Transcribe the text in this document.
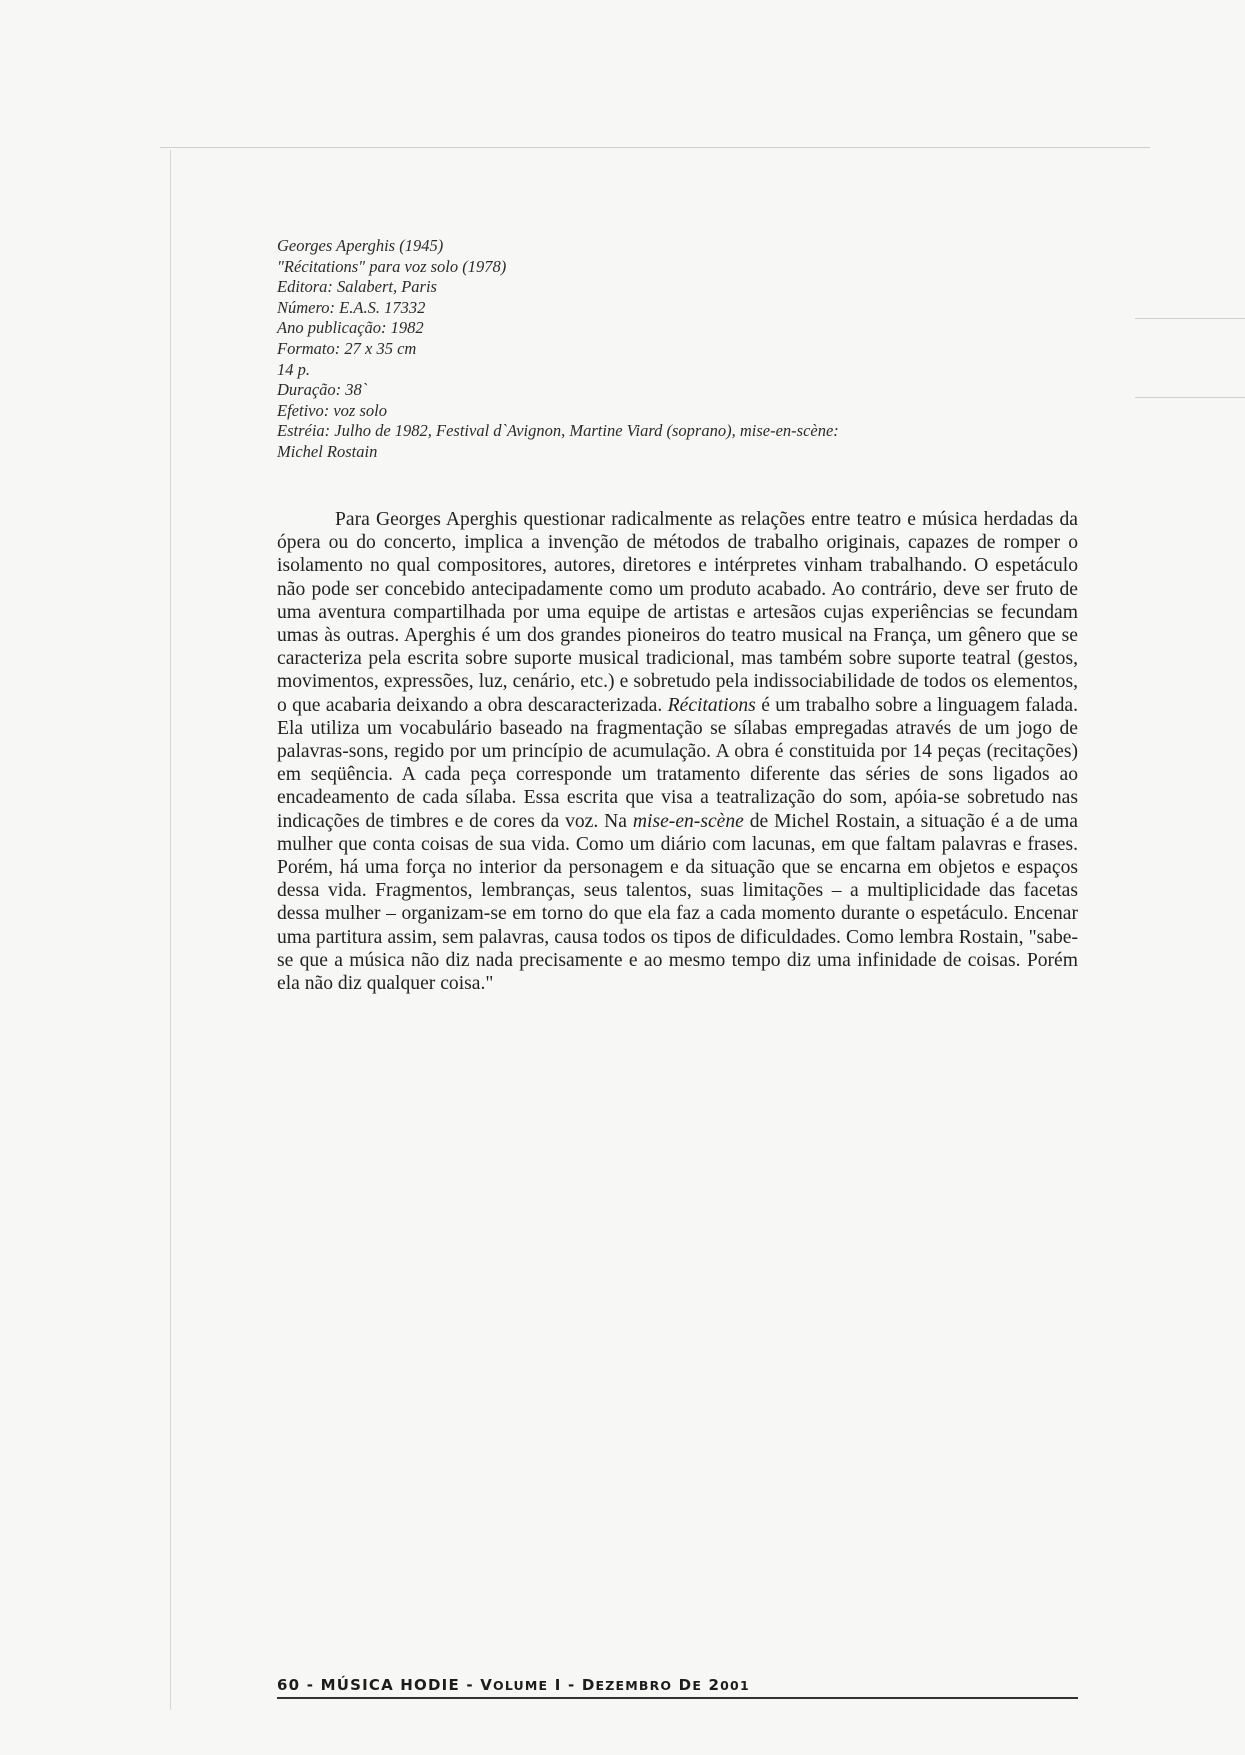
Georges Aperghis (1945)
"Récitations" para voz solo (1978)
Editora: Salabert, Paris
Número: E.A.S. 17332
Ano publicação: 1982
Formato: 27 x 35 cm
14 p.
Duração: 38`
Efetivo: voz solo
Estréia: Julho de 1982, Festival d`Avignon, Martine Viard (soprano), mise-en-scène:
Michel Rostain

Para Georges Aperghis questionar radicalmente as relações entre teatro e música herdadas da ópera ou do concerto, implica a invenção de métodos de trabalho originais, capazes de romper o isolamento no qual compositores, autores, diretores e intérpretes vinham trabalhando. O espetáculo não pode ser concebido antecipadamente como um produto acabado. Ao contrário, deve ser fruto de uma aventura compartilhada por uma equipe de artistas e artesãos cujas experiências se fecundam umas às outras. Aperghis é um dos grandes pioneiros do teatro musical na França, um gênero que se caracteriza pela escrita sobre suporte musical tradicional, mas também sobre suporte teatral (gestos, movimentos, expressões, luz, cenário, etc.) e sobretudo pela indissociabilidade de todos os elementos, o que acabaria deixando a obra descaracterizada. Récitations é um trabalho sobre a linguagem falada. Ela utiliza um vocabulário baseado na fragmentação se sílabas empregadas através de um jogo de palavras-sons, regido por um princípio de acumulação. A obra é constituida por 14 peças (recitações) em seqüência. A cada peça corresponde um tratamento diferente das séries de sons ligados ao encadeamento de cada sílaba. Essa escrita que visa a teatralização do som, apóia-se sobretudo nas indicações de timbres e de cores da voz. Na mise-en-scène de Michel Rostain, a situação é a de uma mulher que conta coisas de sua vida. Como um diário com lacunas, em que faltam palavras e frases. Porém, há uma força no interior da personagem e da situação que se encarna em objetos e espaços dessa vida. Fragmentos, lembranças, seus talentos, suas limitações – a multiplicidade das facetas dessa mulher – organizam-se em torno do que ela faz a cada momento durante o espetáculo. Encenar uma partitura assim, sem palavras, causa todos os tipos de dificuldades. Como lembra Rostain, "sabe-se que a música não diz nada precisamente e ao mesmo tempo diz uma infinidade de coisas. Porém ela não diz qualquer coisa."

60 - MÚSICA HODIE - VOLUME I - DEZEMBRO DE 2001
